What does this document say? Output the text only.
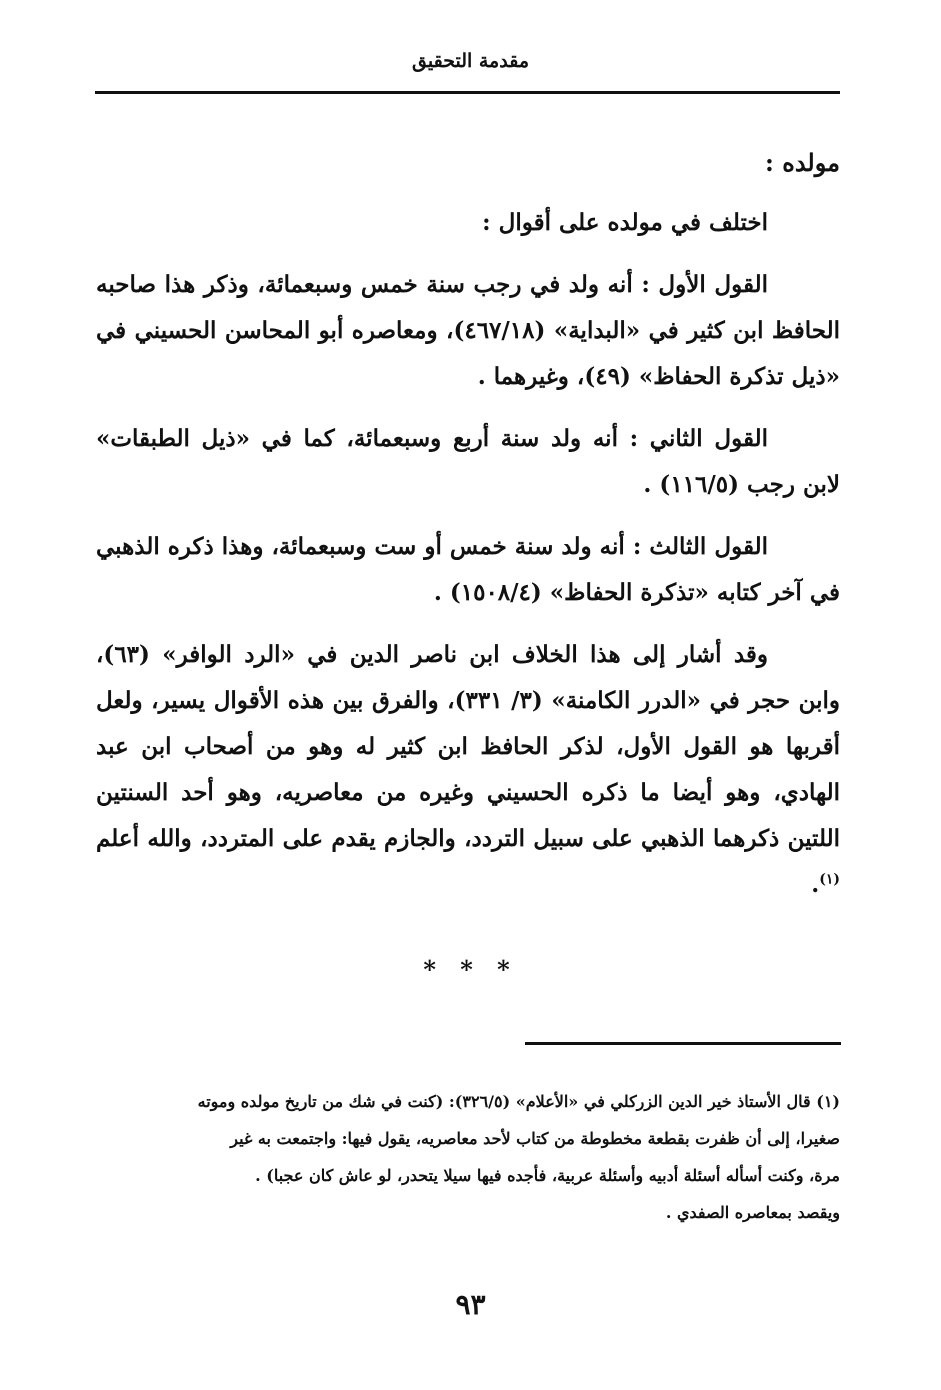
مقدمة التحقيق
مولده :

اختلف في مولده على أقوال :

القول الأول : أنه ولد في رجب سنة خمس وسبعمائة، وذكر هذا صاحبه الحافظ ابن كثير في «البداية» (٤٦٧/١٨)، ومعاصره أبو المحاسن الحسيني في «ذيل تذكرة الحفاظ» (٤٩)، وغيرهما .

القول الثاني : أنه ولد سنة أربع وسبعمائة، كما في «ذيل الطبقات» لابن رجب (١١٦/٥) .

القول الثالث : أنه ولد سنة خمس أو ست وسبعمائة، وهذا ذكره الذهبي في آخر كتابه «تذكرة الحفاظ» (١٥٠٨/٤) .

وقد أشار إلى هذا الخلاف ابن ناصر الدين في «الرد الوافر» (٦٣)، وابن حجر في «الدرر الكامنة» (٣/ ٣٣١)، والفرق بين هذه الأقوال يسير، ولعل أقربها هو القول الأول، لذكر الحافظ ابن كثير له وهو من أصحاب ابن عبد الهادي، وهو أيضا ما ذكره الحسيني وغيره من معاصريه، وهو أحد السنتين اللتين ذكرهما الذهبي على سبيل التردد، والجازم يقدم على المتردد، والله أعلم $^{(١)}$.

* * *

(١) قال الأستاذ خير الدين الزركلي في «الأعلام» (٣٢٦/٥): (كنت في شك من تاريخ مولده وموته

صغيرا، إلى أن ظفرت بقطعة مخطوطة من كتاب لأحد معاصريه، يقول فيها: واجتمعت به غير

مرة، وكنت أسأله أسئلة أدبيه وأسئلة عربية، فأجده فيها سيلا يتحدر، لو عاش كان عجبا) .

ويقصد بمعاصره الصفدي .

٩٣
